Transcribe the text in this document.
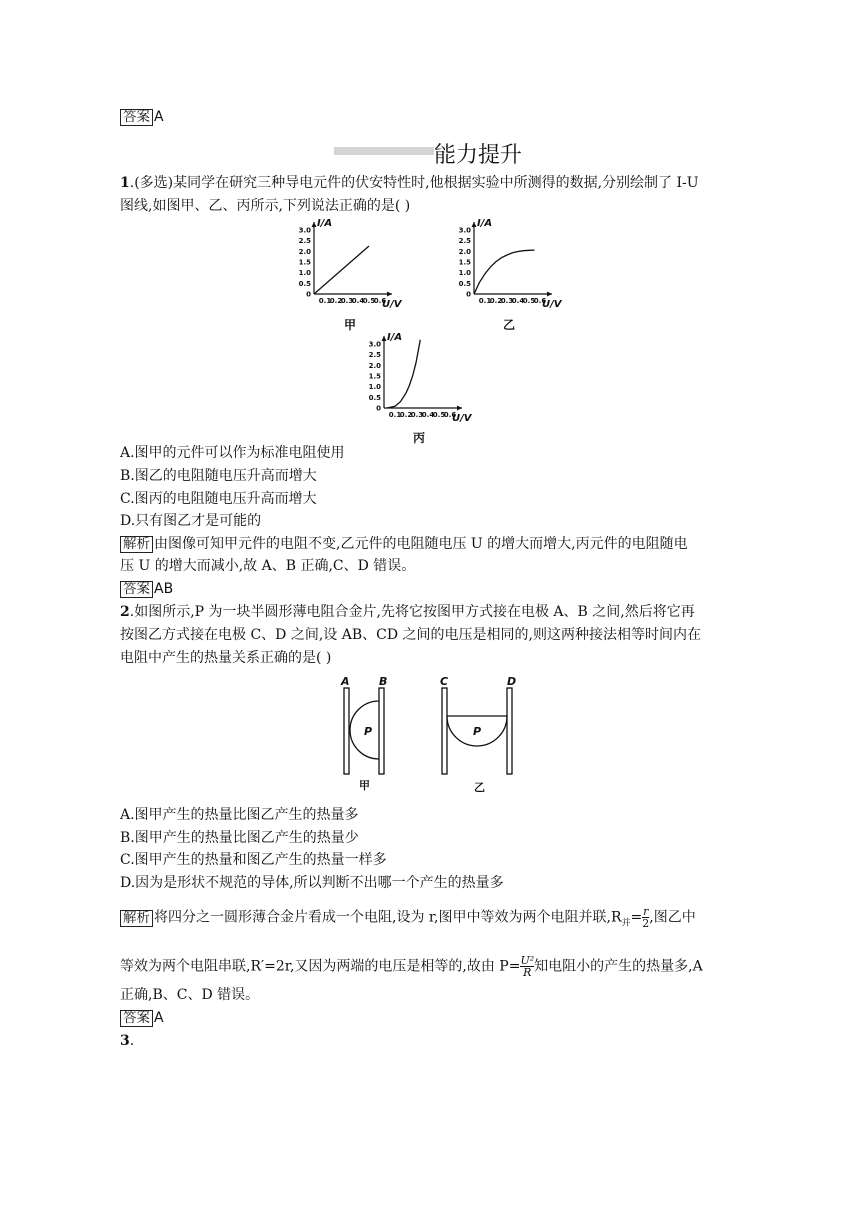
答案 A
能力提升
1.(多选)某同学在研究三种导电元件的伏安特性时,他根据实验中所测得的数据,分别绘制了 I-U
图线,如图甲、乙、丙所示,下列说法正确的是( )
3.0
2.5
2.0
1.5
1.0
0.5
0
0.1
0.2
0.3
0.4
0.5
0.6
I/A
U/V
3.0
2.5
2.0
1.5
1.0
0.5
0
0.1
0.2
0.3
0.4
0.5
0.6
I/A
U/V
3.0
2.5
2.0
1.5
1.0
0.5
0
0.1
0.2
0.3
0.4
0.5
0.6
I/A
U/V
甲	乙
丙
A.图甲的元件可以作为标准电阻使用
B.图乙的电阻随电压升高而增大
C.图丙的电阻随电压升高而增大
D.只有图乙才是可能的
解析 由图像可知甲元件的电阻不变,乙元件的电阻随电压 U 的增大而增大,丙元件的电阻随电
压 U 的增大而减小,故 A、B 正确,C、D 错误。
答案 AB
2.如图所示,P 为一块半圆形薄电阻合金片,先将它按图甲方式接在电极 A、B 之间,然后将它再
按图乙方式接在电极 C、D 之间,设 AB、CD 之间的电压是相同的,则这两种接法相等时间内在
电阻中产生的热量关系正确的是( )
A	B
P
C	D
P
甲	乙
A.图甲产生的热量比图乙产生的热量多
B.图甲产生的热量比图乙产生的热量少
C.图甲产生的热量和图乙产生的热量一样多
D.因为是形状不规范的导体,所以判断不出哪一个产生的热量多
解析 将四分之一圆形薄合金片看成一个电阻,设为 r,图甲中等效为两个电阻并联$,R_并= \frac{r}{2}$ ,图乙中
等效为两个电阻串联,R′=2r,又因为两端的电压是相等的,故由 $P= \frac{\text{U²}}{R}$ 知电阻小的产生的热量多,A
正确,B、C、D 错误。
答案 A
3.
